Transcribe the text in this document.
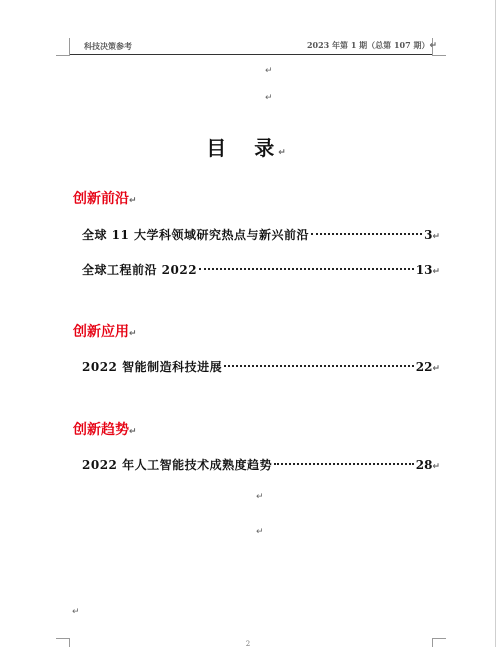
科技决策参考	2023 年第 1 期（总第 107 期）↵
↵
↵
目　录↵
创新前沿↵
全球 11 大学科领域研究热点与新兴前沿	3 ↵
全球工程前沿 2022	13 ↵
创新应用↵
2022 智能制造科技进展	22 ↵
创新趋势↵
2022 年人工智能技术成熟度趋势	28 ↵
↵
↵
↵
2
